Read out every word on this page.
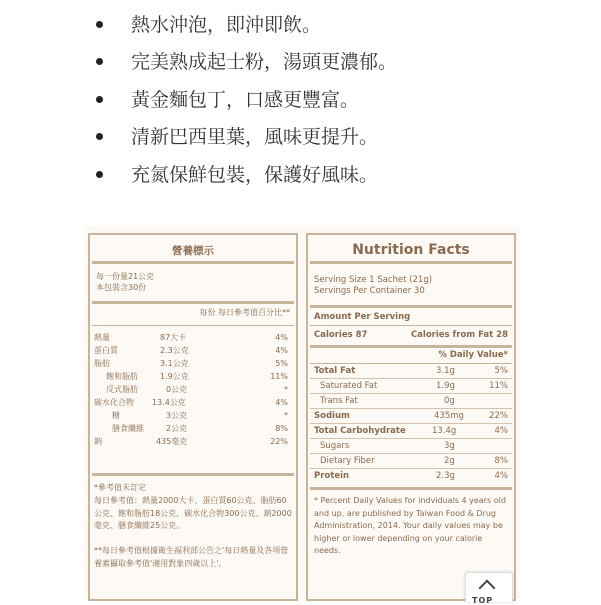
熱水沖泡，即沖即飲。
完美熟成起士粉，湯頭更濃郁。
黃金麵包丁，口感更豐富。
清新巴西里葉，風味更提升。
充氮保鮮包裝，保護好風味。
營養標示
每一份量21公克
本包裝含30份
每份 每日參考值百分比**
熱量	87大卡	4%
蛋白質	2.3公克	4%
脂肪	3.1公克	5%
飽和脂肪	1.9公克	11%
反式脂肪	0公克	*
碳水化合物 13.4公克	4%
糖	3公克	*
膳食纖維	2公克	8%
鈉	435毫克	22%
*參考值未訂定
每日參考值：熱量2000大卡、蛋白質60公克、脂肪60公克、飽和脂肪18公克、碳水化合物300公克、鈉2000毫克、膳食纖維25公克。
**每日參考值根據衛生福利部公告之'每日熱量及各項營養素攝取參考值'適用對象四歲以上'。
Nutrition Facts
Serving Size 1 Sachet (21g)
Servings Per Container 30
Amount Per Serving
Calories 87	Calories from Fat 28
% Daily Value*
Total Fat	3.1g	5%
Saturated Fat	1.9g	11%
Trans Fat	0g
Sodium	435mg	22%
Total Carbohydrate	13.4g	4%
Sugars	3g
Dietary Fiber	2g	8%
Protein	2.3g	4%
* Percent Daily Values for indviduals 4 years old and up, are published by Taiwan Food & Drug Administration, 2014. Your daily values may be higher or lower depending on your calorie needs.
TOP
